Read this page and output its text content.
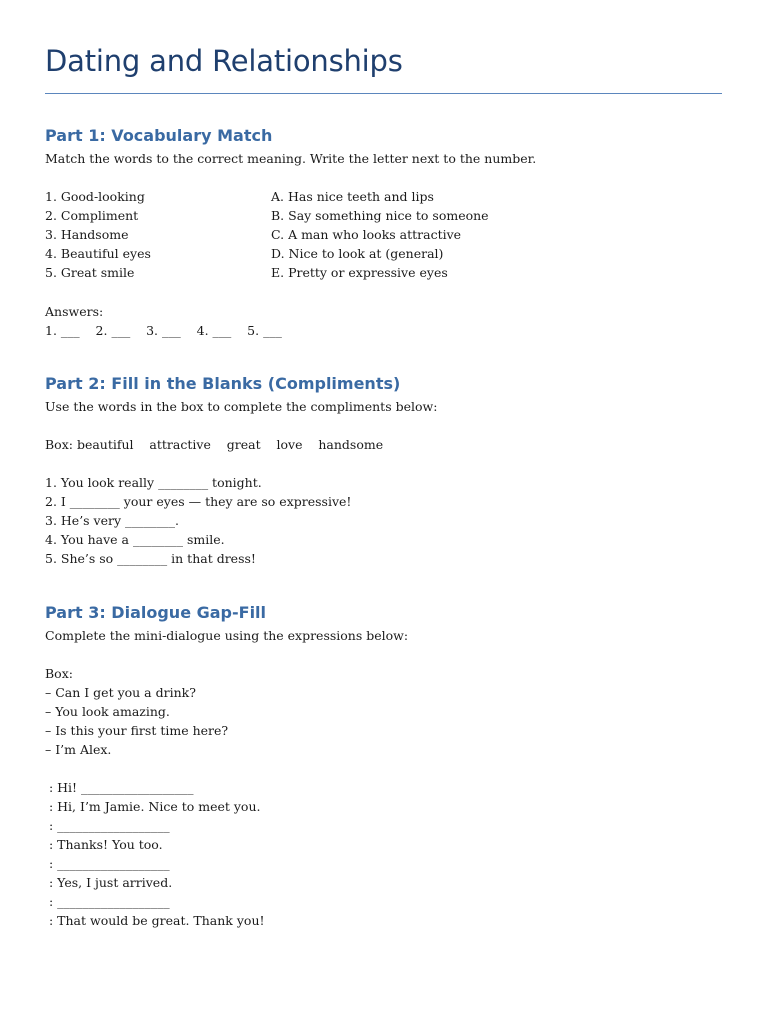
Dating and Relationships
Part 1: Vocabulary Match
Match the words to the correct meaning. Write the letter next to the number.
1. Good-looking
2. Compliment
3. Handsome
4. Beautiful eyes
5. Great smile
A. Has nice teeth and lips
B. Say something nice to someone
C. A man who looks attractive
D. Nice to look at (general)
E. Pretty or expressive eyes
Answers:
1. ___    2. ___    3. ___    4. ___    5. ___
Part 2: Fill in the Blanks (Compliments)
Use the words in the box to complete the compliments below:
Box: beautiful    attractive    great    love    handsome
1. You look really ________ tonight.
2. I ________ your eyes — they are so expressive!
3. He’s very ________.
4. You have a ________ smile.
5. She’s so ________ in that dress!
Part 3: Dialogue Gap-Fill
Complete the mini-dialogue using the expressions below:
Box:
– Can I get you a drink?
– You look amazing.
– Is this your first time here?
– I’m Alex.
: Hi! __________________
: Hi, I’m Jamie. Nice to meet you.
: __________________
: Thanks! You too.
: __________________
: Yes, I just arrived.
: __________________
: That would be great. Thank you!
